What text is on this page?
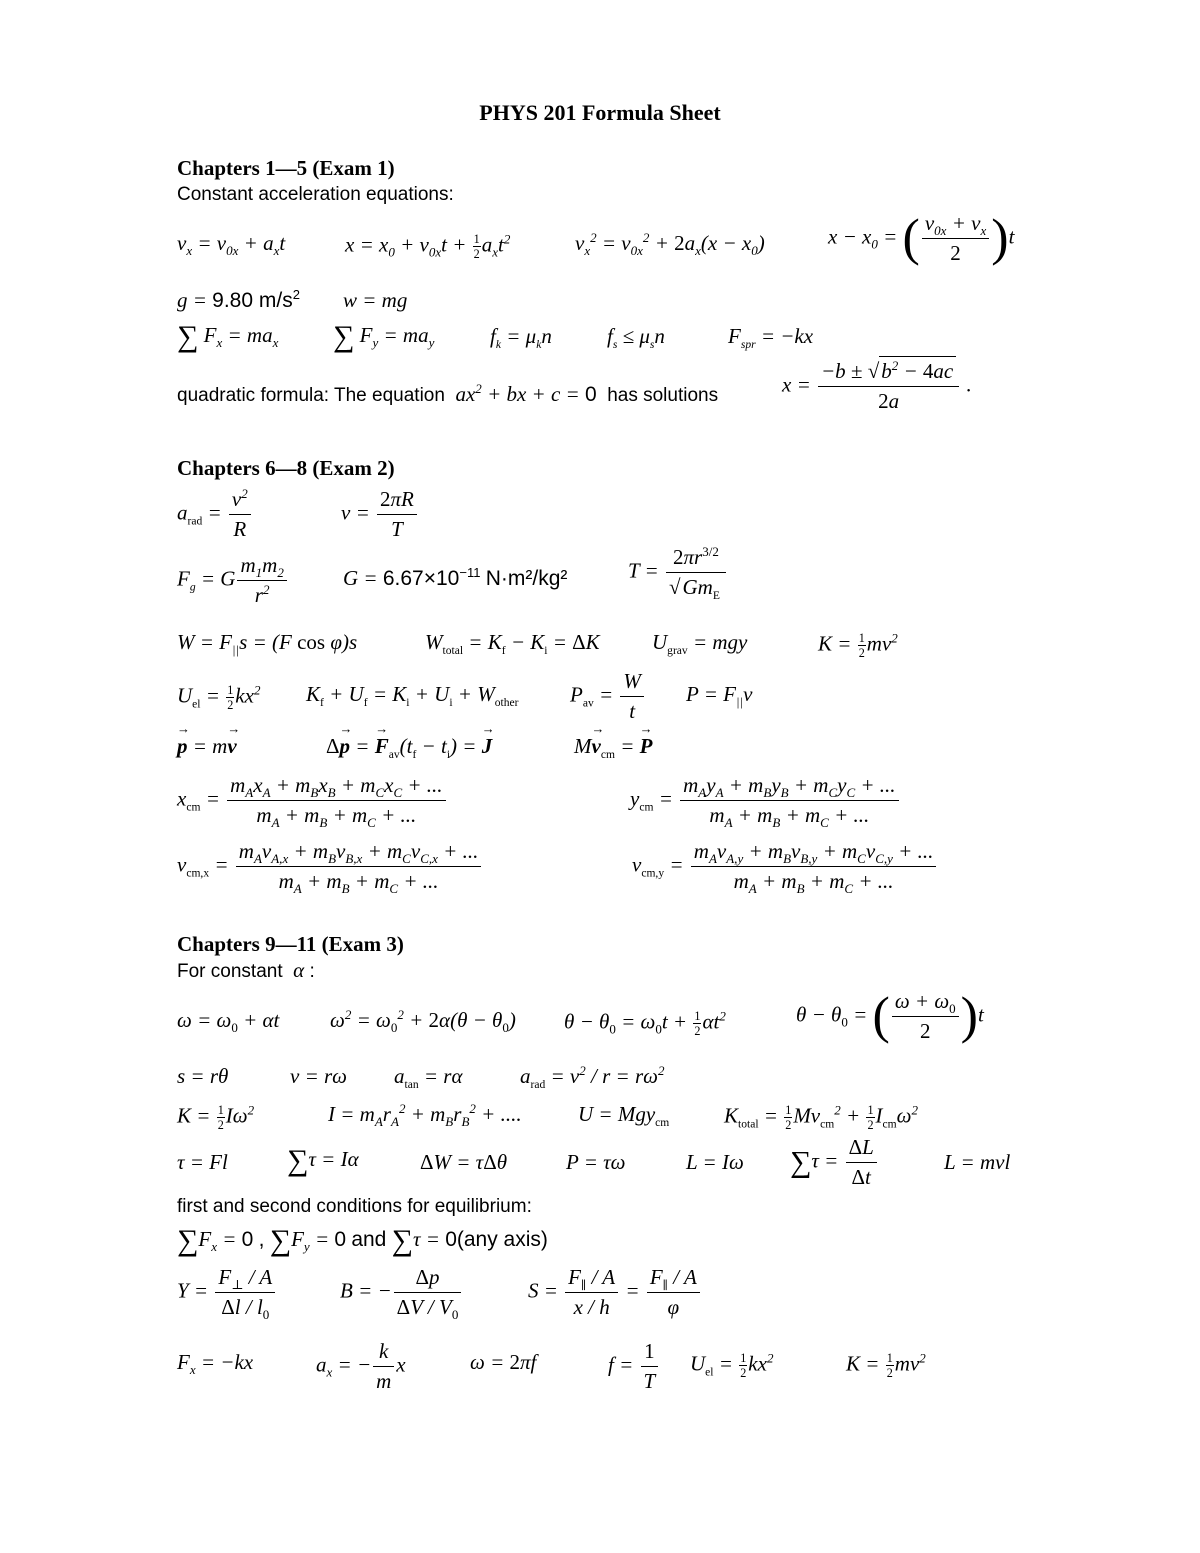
PHYS 201 Formula Sheet
Chapters 1—5 (Exam 1)
Constant acceleration equations:
$v_x = v_{0x} + a_xt$	$x = x_0 + v_{0x}t + \frac{1}{2} a_xt^2$	$v_x^2 = v_{0x}^2 + 2a_x(x - x_0)$	$x - x_0$ = ( $\frac{v_{0x} + v_x}{2} )t$
g = 9.80 $m/s^2$ w = mg
∑ $F_x = ma_x$ ∑ $F_y = ma_y$	$f_k = \mu_kn$	$f_s \le \mu_sn$	$F_{spr} = -kx$
quadratic formula: The equation  $ax^2$ + bx + c = 0 has solutions	$x = \frac{-b \pm √b^2 - 4ac}{2a}$ .
Chapters 6—8 (Exam 2)
$a_{rad} = \frac{v^2}{R}$	$v = \frac{2\pi R}{T}$
$F_g = G \frac{m_1m_2}{r^2}$	$G = 6.67\times 10^{-11}$ N·m²/kg²	$T = \frac{2\pi r^{3/2}}{√Gm_E}$
$W = F_{||}s = (F$ cos φ)s	$W_{total} = K_f - K_i = \Delta K$ $U_{grav}$ = mgy	$K = \frac{1}{2} mv^2$
$U_{el} = \frac{1}{2} kx^2$ $K_f + U_f = K_i + U_i + W_{other}$ $P_{av} = \frac{W}{t}$ $P = F_{||}v$
p → = mv →	Δp → = $F \to_{av}(t_f - t_i) = J$ →	$Mv \to_{cm} = P$ →
$x_{cm} = \frac{m_Ax_A + m_Bx_B + m_Cx_C + ...}{m_A + m_B + m_C + ...}$	$y_{cm} = \frac{m_Ay_A + m_By_B + m_Cy_C + ...}{m_A + m_B + m_C + ...}$
$v_{cm,x} = \frac{m_Av_{A,x} + m_Bv_{B,x} + m_Cv_{C,x} + ...}{m_A + m_B + m_C + ...}$	$v_{cm,y} = \frac{m_Av_{A,y} + m_Bv_{B,y} + m_Cv_{C,y} + ...}{m_A + m_B + m_C + ...}$
Chapters 9—11 (Exam 3)
For constant  α :
$\omega = \omega_0 + \alpha t$ $\omega^2 = \omega_0^2 + 2\alpha(\theta - \theta_0) \theta - \theta_0 = \omega_0t + \frac{1}{2} \alpha t^2$	$\theta - \theta_0$ = ( $\frac{\omega + \omega_0}{2} )t$
s = rθ	v = rω $a_{tan} = r\alpha$	$a_{rad} = v^2 / r = r\omega^2$
$K = \frac{1}{2} I\omega^2$	$I = m_Ar_A^2 + m_Br_B^2$ + ....	U = Mgy$_{cm}$	$K_{total} = \frac{1}{2} Mv_{cm}^2 + \frac{1}{2} I_{cm}\omega^2$
τ = Fl ∑τ = Iα	ΔW = τΔθ	P = τω	L = Iω $\sum\tau = \frac{\Delta L}{\Delta t}$	L = mvl
first and second conditions for equilibrium:
$\sum F_x = 0$ , $\sum F_y = 0$ and ∑τ = 0(any axis)
$Y = \frac{F_\perp / A}{\Delta l / l_0}$	B = − $\frac{\Delta p}{\Delta V / V_0}$	$S = \frac{F_\parallel / A}{x / h} = \frac{F_\parallel / A}{\varphi}$
$F_x = -kx$	$a_x$ = − $\frac{k}{m}$ x	ω = 2πf	$f = \frac{1}{T} U_{el} = \frac{1}{2} kx^2$	$K = \frac{1}{2} mv^2$
